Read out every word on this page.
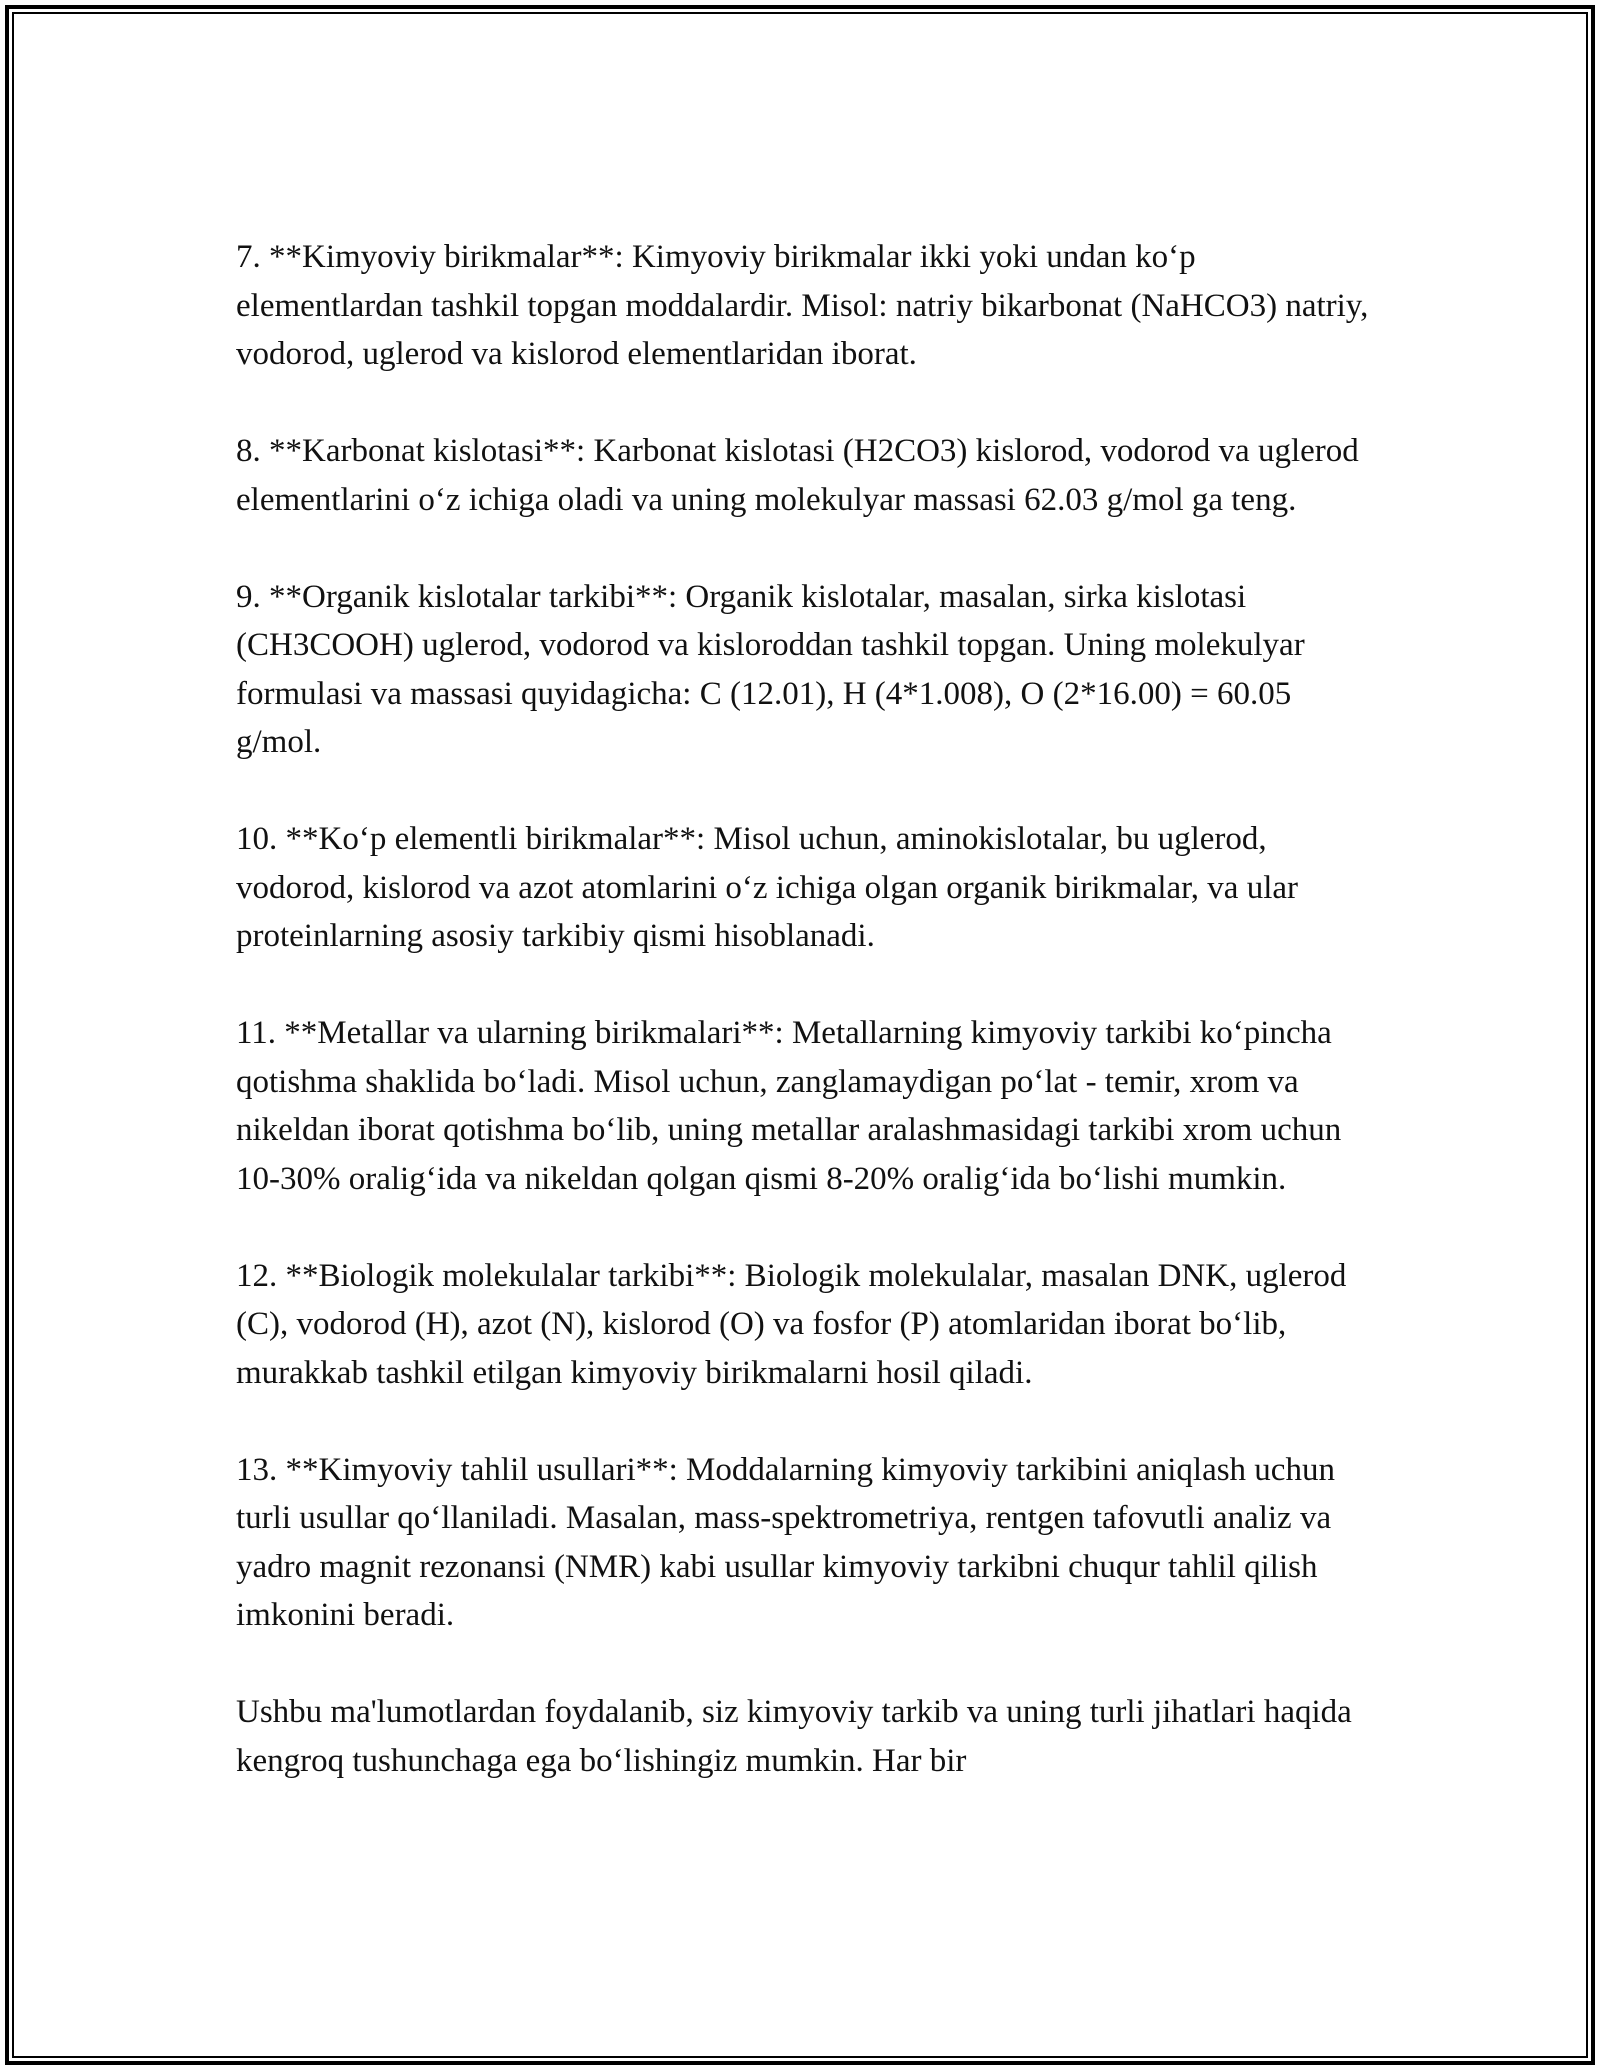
7. **Kimyoviy birikmalar**: Kimyoviy birikmalar ikki yoki undan koʻp elementlardan tashkil topgan moddalardir. Misol: natriy bikarbonat (NaHCO3) natriy, vodorod, uglerod va kislorod elementlaridan iborat.

8. **Karbonat kislotasi**: Karbonat kislotasi (H2CO3) kislorod, vodorod va uglerod elementlarini oʻz ichiga oladi va uning molekulyar massasi 62.03 g/mol ga teng.

9. **Organik kislotalar tarkibi**: Organik kislotalar, masalan, sirka kislotasi (CH3COOH) uglerod, vodorod va kisloroddan tashkil topgan. Uning molekulyar formulasi va massasi quyidagicha: C (12.01), H (4*1.008), O (2*16.00) = 60.05 g/mol.

10. **Koʻp elementli birikmalar**: Misol uchun, aminokislotalar, bu uglerod, vodorod, kislorod va azot atomlarini oʻz ichiga olgan organik birikmalar, va ular proteinlarning asosiy tarkibiy qismi hisoblanadi.

11. **Metallar va ularning birikmalari**: Metallarning kimyoviy tarkibi koʻpincha qotishma shaklida boʻladi. Misol uchun, zanglamaydigan poʻlat - temir, xrom va nikeldan iborat qotishma boʻlib, uning metallar aralashmasidagi tarkibi xrom uchun 10-30% oraligʻida va nikeldan qolgan qismi 8-20% oraligʻida boʻlishi mumkin.

12. **Biologik molekulalar tarkibi**: Biologik molekulalar, masalan DNK, uglerod (C), vodorod (H), azot (N), kislorod (O) va fosfor (P) atomlaridan iborat boʻlib, murakkab tashkil etilgan kimyoviy birikmalarni hosil qiladi.

13. **Kimyoviy tahlil usullari**: Moddalarning kimyoviy tarkibini aniqlash uchun turli usullar qoʻllaniladi. Masalan, mass-spektrometriya, rentgen tafovutli analiz va yadro magnit rezonansi (NMR) kabi usullar kimyoviy tarkibni chuqur tahlil qilish imkonini beradi.

Ushbu ma'lumotlardan foydalanib, siz kimyoviy tarkib va uning turli jihatlari haqida kengroq tushunchaga ega boʻlishingiz mumkin. Har bir
